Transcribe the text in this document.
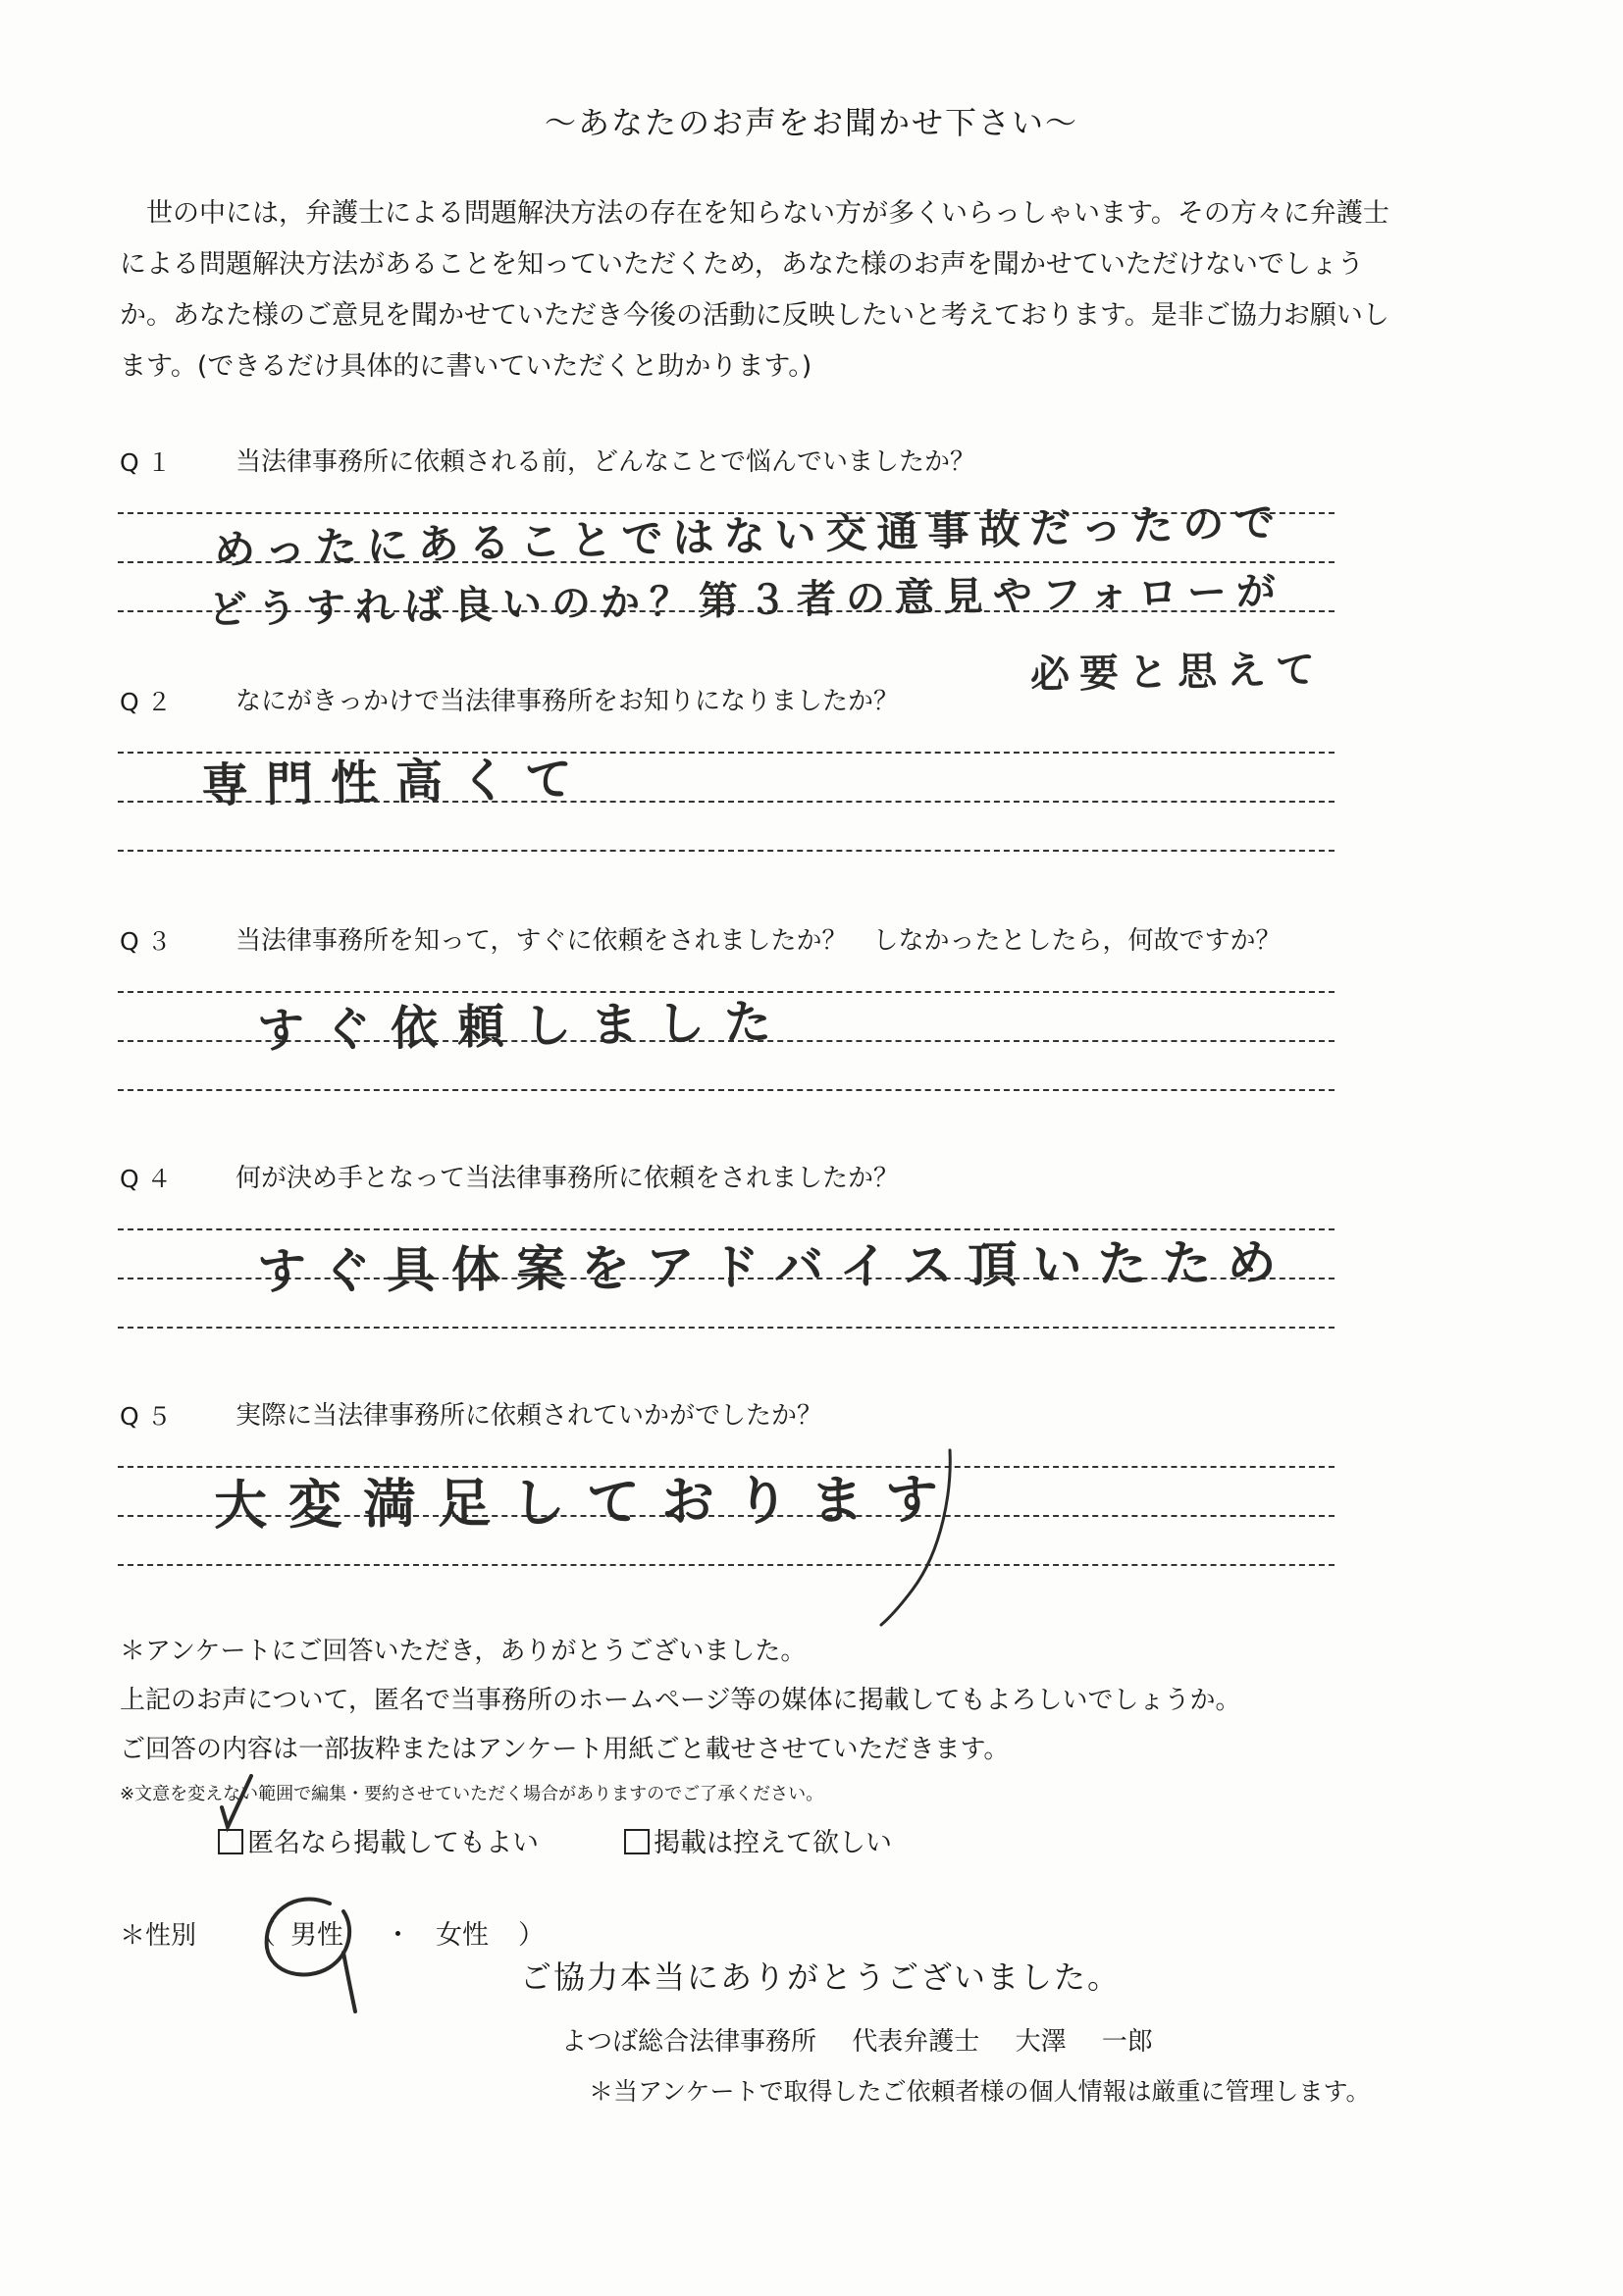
～あなたのお声をお聞かせ下さい～

世の中には，弁護士による問題解決方法の存在を知らない方が多くいらっしゃいます。その方々に弁護士

による問題解決方法があることを知っていただくため，あなた様のお声を聞かせていただけないでしょう

か。あなた様のご意見を聞かせていただき今後の活動に反映したいと考えております。是非ご協力お願いし

ます。(できるだけ具体的に書いていただくと助かります。)

Q１ 当法律事務所に依頼される前，どんなことで悩んでいましたか？
めったにあることではない交通事故だったので
どうすれば良いのか？第３者の意見やフォローが
必要と思えて
Q２ なにがきっかけで当法律事務所をお知りになりましたか？
専門性高くて
Q３ 当法律事務所を知って，すぐに依頼をされましたか？　しなかったとしたら，何故ですか？
すぐ依頼しました
Q４ 何が決め手となって当法律事務所に依頼をされましたか？
すぐ具体案をアドバイス頂いたため
Q５ 実際に当法律事務所に依頼されていかがでしたか？
大変満足しております
＊アンケートにご回答いただき，ありがとうございました。
上記のお声について，匿名で当事務所のホームページ等の媒体に掲載してもよろしいでしょうか。
ご回答の内容は一部抜粋またはアンケート用紙ごと載せさせていただきます。
※文意を変えない範囲で編集・要約させていただく場合がありますのでご了承ください。
匿名なら掲載してもよい	掲載は控えて欲しい
＊性別 （ 男性 ・ 女性 ）
ご協力本当にありがとうございました。
よつば総合法律事務所 代表弁護士 大澤 一郎
＊当アンケートで取得したご依頼者様の個人情報は厳重に管理します。
